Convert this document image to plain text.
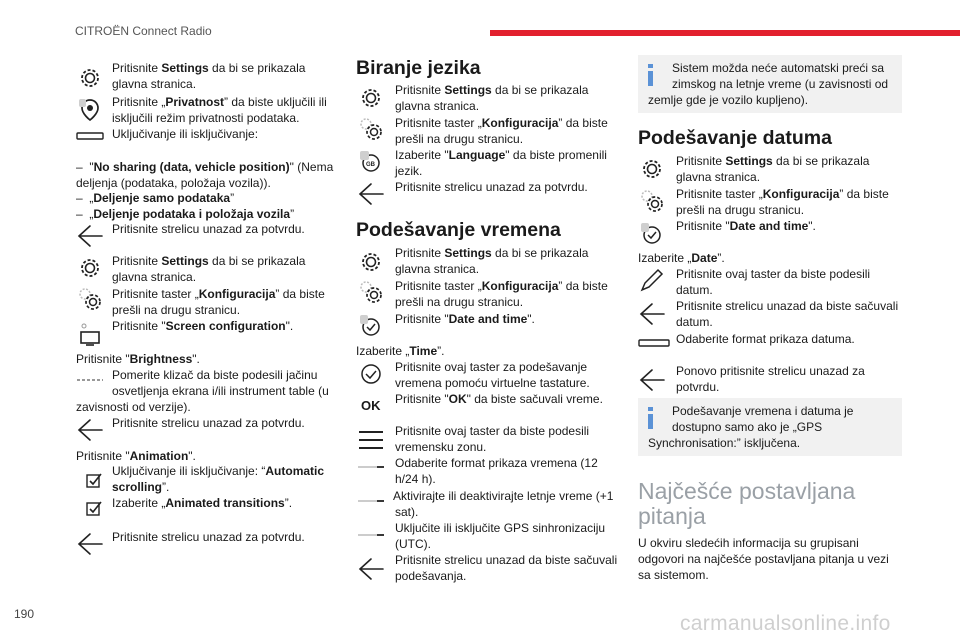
CITROËN Connect Radio
190	carmanualsonline.info
Pritisnite Settings da bi se prikazala
glavna stranica.
Pritisnite „Privatnost” da biste uključili ili
isključili režim privatnosti podataka.
Uključivanje ili isključivanje:
–  "No sharing (data, vehicle position)" (Nema
deljenja (podataka, položaja vozila)).
–  „Deljenje samo podataka”
–  „Deljenje podataka i položaja vozila”
Pritisnite strelicu unazad za potvrdu.
Pritisnite Settings da bi se prikazala
glavna stranica.
Pritisnite taster „Konfiguracija” da biste
prešli na drugu stranicu.
Pritisnite "Screen configuration".
Pritisnite "Brightness".
Pomerite klizač da biste podesili jačinu
osvetljenja ekrana i/ili instrument table (u
zavisnosti od verzije).
Pritisnite strelicu unazad za potvrdu.
Pritisnite "Animation".
Uključivanje ili isključivanje: “Automatic
scrolling”.
Izaberite „Animated transitions”.
Pritisnite strelicu unazad za potvrdu.
Biranje jezika
Pritisnite Settings da bi se prikazala
glavna stranica.
Pritisnite taster „Konfiguracija” da biste
prešli na drugu stranicu.
GB
Izaberite "Language" da biste promenili
jezik.
Pritisnite strelicu unazad za potvrdu.
Podešavanje vremena
Pritisnite Settings da bi se prikazala
glavna stranica.
Pritisnite taster „Konfiguracija” da biste
prešli na drugu stranicu.
Pritisnite "Date and time".
Izaberite „Time”.
Pritisnite ovaj taster za podešavanje
vremena pomoću virtuelne tastature.
OK Pritisnite "OK" da biste sačuvali vreme.
Pritisnite ovaj taster da biste podesili
vremensku zonu.
Odaberite format prikaza vremena (12
h/24 h).
Aktivirajte ili deaktivirajte letnje vreme (+1
sat).
Uključite ili isključite GPS sinhronizaciju
(UTC).
Pritisnite strelicu unazad da biste sačuvali
podešavanja.
Sistem možda neće automatski preći sa
zimskog na letnje vreme (u zavisnosti od
zemlje gde je vozilo kupljeno).
Podešavanje datuma
Pritisnite Settings da bi se prikazala
glavna stranica.
Pritisnite taster „Konfiguracija” da biste
prešli na drugu stranicu.
Pritisnite "Date and time".
Izaberite „Date”.
Pritisnite ovaj taster da biste podesili
datum.
Pritisnite strelicu unazad da biste sačuvali
datum.
Odaberite format prikaza datuma.
Ponovo pritisnite strelicu unazad za
potvrdu.
Podešavanje vremena i datuma je
dostupno samo ako je „GPS
Synchronisation:” isključena.
Najčešće postavljana
pitanja
U okviru sledećih informacija su grupisani
odgovori na najčešće postavljana pitanja u vezi
sa sistemom.
